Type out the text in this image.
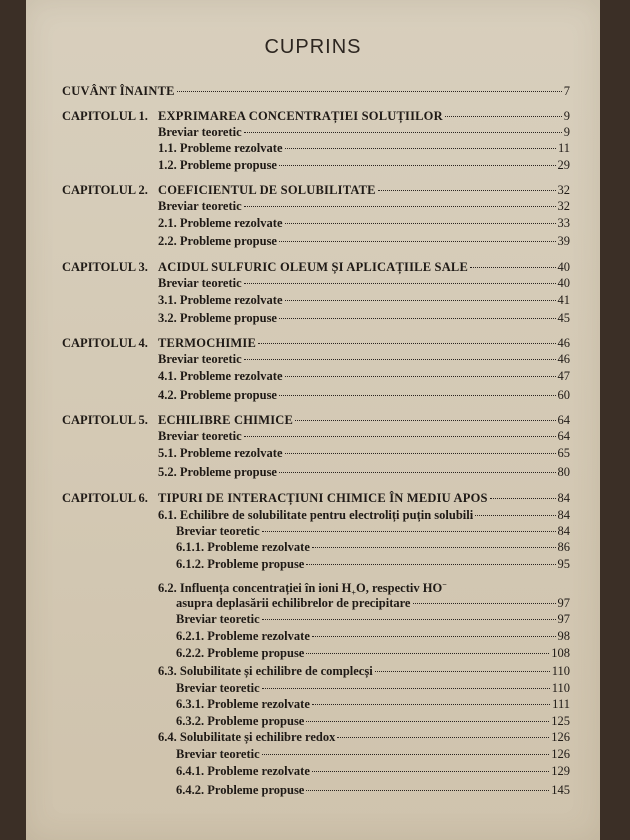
CUPRINS
CUVÂNT ÎNAINTE	7
CAPITOLUL 1. EXPRIMAREA CONCENTRAȚIEI SOLUȚIILOR	9
Breviar teoretic	9
1.1. Probleme rezolvate	11
1.2. Probleme propuse	29
CAPITOLUL 2. COEFICIENTUL DE SOLUBILITATE	32
Breviar teoretic	32
2.1. Probleme rezolvate	33
2.2. Probleme propuse	39
CAPITOLUL 3. ACIDUL SULFURIC OLEUM ȘI APLICAȚIILE SALE	40
Breviar teoretic	40
3.1. Probleme rezolvate	41
3.2. Probleme propuse	45
CAPITOLUL 4. TERMOCHIMIE	46
Breviar teoretic	46
4.1. Probleme rezolvate	47
4.2. Probleme propuse	60
CAPITOLUL 5. ECHILIBRE CHIMICE	64
Breviar teoretic	64
5.1. Probleme rezolvate	65
5.2. Probleme propuse	80
CAPITOLUL 6. TIPURI DE INTERACȚIUNI CHIMICE ÎN MEDIU APOS	84
6.1. Echilibre de solubilitate pentru electroliți puțin solubili	84
Breviar teoretic	84
6.1.1. Probleme rezolvate	86
6.1.2. Probleme propuse	95
6.2. Influența concentrației în ioni $H_+O$, respectiv HO−
asupra deplasării echilibrelor de precipitare	97
Breviar teoretic	97
6.2.1. Probleme rezolvate	98
6.2.2. Probleme propuse	108
6.3. Solubilitate și echilibre de complecși	110
Breviar teoretic	110
6.3.1. Probleme rezolvate	111
6.3.2. Probleme propuse	125
6.4. Solubilitate și echilibre redox	126
Breviar teoretic	126
6.4.1. Probleme rezolvate	129
6.4.2. Probleme propuse	145
